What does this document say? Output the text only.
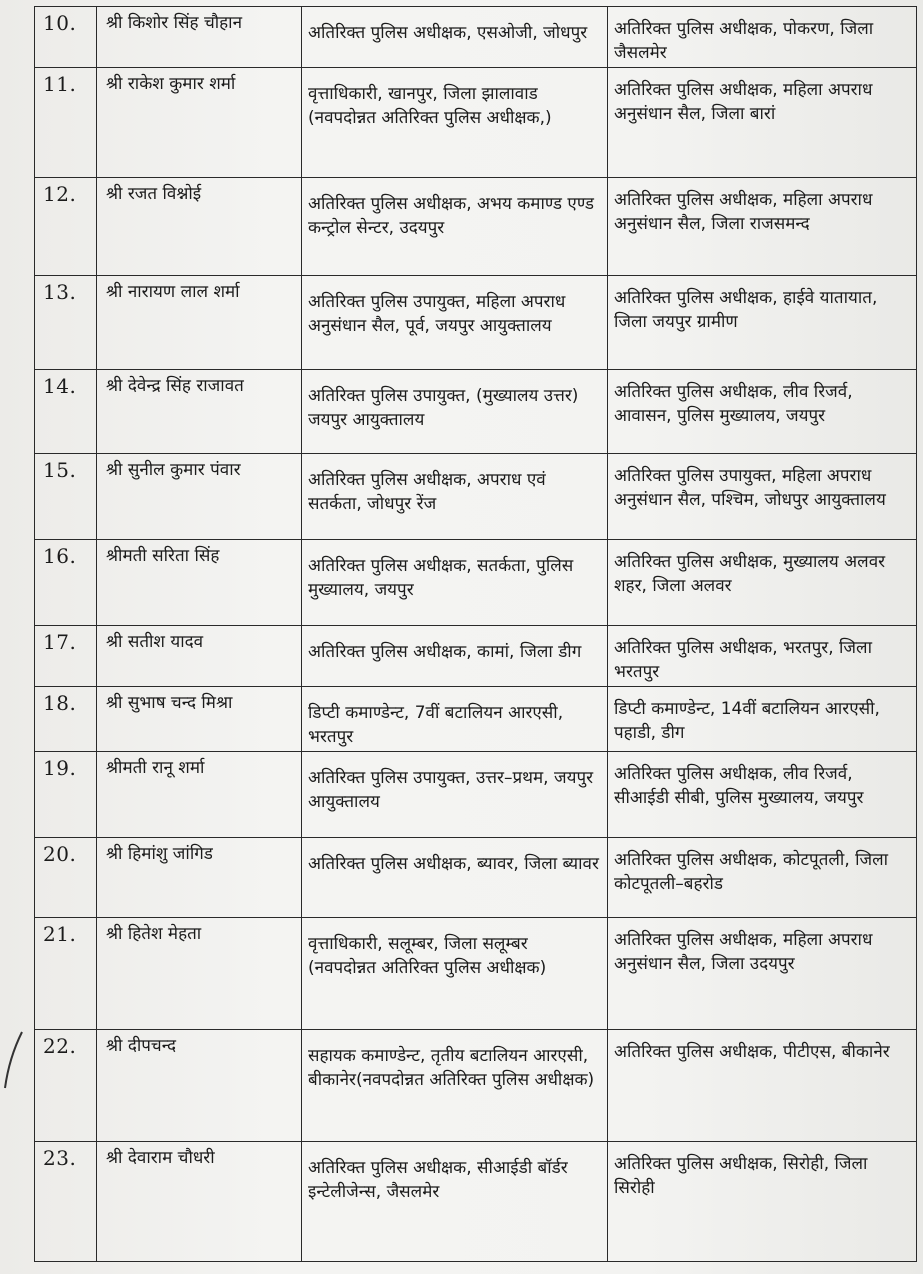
10.	श्री किशोर सिंह चौहान	अतिरिक्त पुलिस अधीक्षक, एसओजी, जोधपुर	अतिरिक्त पुलिस अधीक्षक, पोकरण, जिला जैसलमेर
11.	श्री राकेश कुमार शर्मा	वृत्ताधिकारी, खानपुर, जिला झालावाड (नवपदोन्नत अतिरिक्त पुलिस अधीक्षक,)	अतिरिक्त पुलिस अधीक्षक, महिला अपराध अनुसंधान सैल, जिला बारां
12.	श्री रजत विश्नोई	अतिरिक्त पुलिस अधीक्षक, अभय कमाण्ड एण्ड कन्ट्रोल सेन्टर, उदयपुर	अतिरिक्त पुलिस अधीक्षक, महिला अपराध अनुसंधान सैल, जिला राजसमन्द
13.	श्री नारायण लाल शर्मा	अतिरिक्त पुलिस उपायुक्त, महिला अपराध अनुसंधान सैल, पूर्व, जयपुर आयुक्तालय	अतिरिक्त पुलिस अधीक्षक, हाईवे यातायात, जिला जयपुर ग्रामीण
14.	श्री देवेन्द्र सिंह राजावत	अतिरिक्त पुलिस उपायुक्त, (मुख्यालय उत्तर) जयपुर आयुक्तालय	अतिरिक्त पुलिस अधीक्षक, लीव रिजर्व, आवासन, पुलिस मुख्यालय, जयपुर
15.	श्री सुनील कुमार पंवार	अतिरिक्त पुलिस अधीक्षक, अपराध एवं सतर्कता, जोधपुर रेंज	अतिरिक्त पुलिस उपायुक्त, महिला अपराध अनुसंधान सैल, पश्चिम, जोधपुर आयुक्तालय
16.	श्रीमती सरिता सिंह	अतिरिक्त पुलिस अधीक्षक, सतर्कता, पुलिस मुख्यालय, जयपुर	अतिरिक्त पुलिस अधीक्षक, मुख्यालय अलवर शहर, जिला अलवर
17.	श्री सतीश यादव	अतिरिक्त पुलिस अधीक्षक, कामां, जिला डीग	अतिरिक्त पुलिस अधीक्षक, भरतपुर, जिला भरतपुर
18.	श्री सुभाष चन्द मिश्रा	डिप्टी कमाण्डेन्ट, 7वीं बटालियन आरएसी, भरतपुर	डिप्टी कमाण्डेन्ट, 14वीं बटालियन आरएसी, पहाडी, डीग
19.	श्रीमती रानू शर्मा	अतिरिक्त पुलिस उपायुक्त, उत्तर–प्रथम, जयपुर आयुक्तालय	अतिरिक्त पुलिस अधीक्षक, लीव रिजर्व, सीआईडी सीबी, पुलिस मुख्यालय, जयपुर
20.	श्री हिमांशु जांगिड	अतिरिक्त पुलिस अधीक्षक, ब्यावर, जिला ब्यावर	अतिरिक्त पुलिस अधीक्षक, कोटपूतली, जिला कोटपूतली–बहरोड
21.	श्री हितेश मेहता	वृत्ताधिकारी, सलूम्बर, जिला सलूम्बर (नवपदोन्नत अतिरिक्त पुलिस अधीक्षक)	अतिरिक्त पुलिस अधीक्षक, महिला अपराध अनुसंधान सैल, जिला उदयपुर
22.	श्री दीपचन्द	सहायक कमाण्डेन्ट, तृतीय बटालियन आरएसी, बीकानेर(नवपदोन्नत अतिरिक्त पुलिस अधीक्षक)	अतिरिक्त पुलिस अधीक्षक, पीटीएस, बीकानेर
23.	श्री देवाराम चौधरी	अतिरिक्त पुलिस अधीक्षक, सीआईडी बॉर्डर इन्टेलीजेन्स, जैसलमेर	अतिरिक्त पुलिस अधीक्षक, सिरोही, जिला सिरोही
